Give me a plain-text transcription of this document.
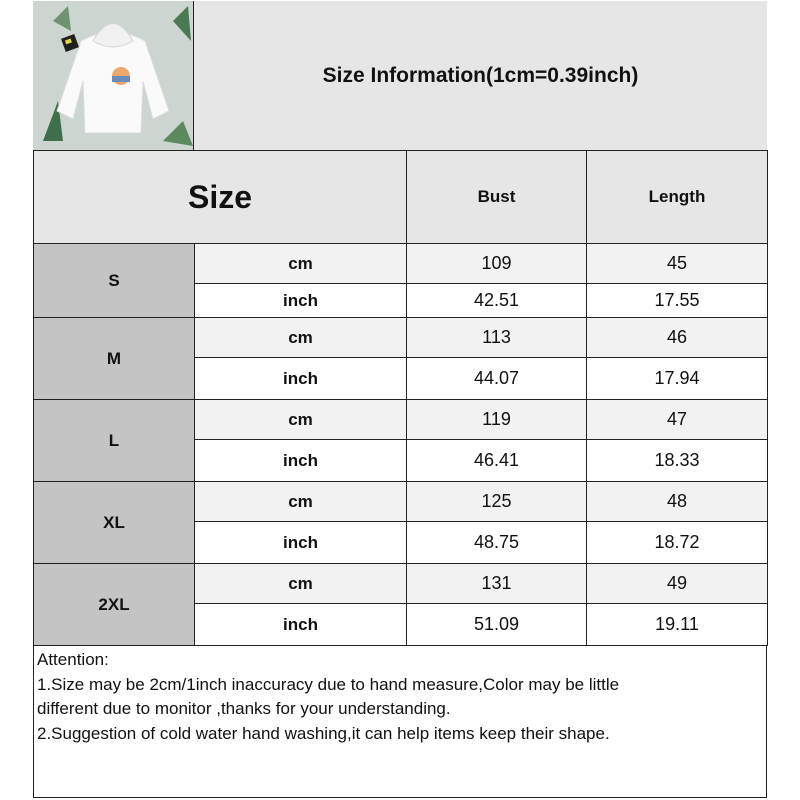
Size Information(1cm=0.39inch)
Size		Bust	Length
S	cm	109	45
	inch	42.51	17.55
M	cm	113	46
	inch	44.07	17.94
L	cm	119	47
	inch	46.41	18.33
XL	cm	125	48
	inch	48.75	18.72
2XL	cm	131	49
	inch	51.09	19.11
Attention:
1.Size may be 2cm/1inch inaccuracy due to hand measure,Color may be little
different due to monitor ,thanks for your understanding.
2.Suggestion of cold water hand washing,it can help items keep their shape.
